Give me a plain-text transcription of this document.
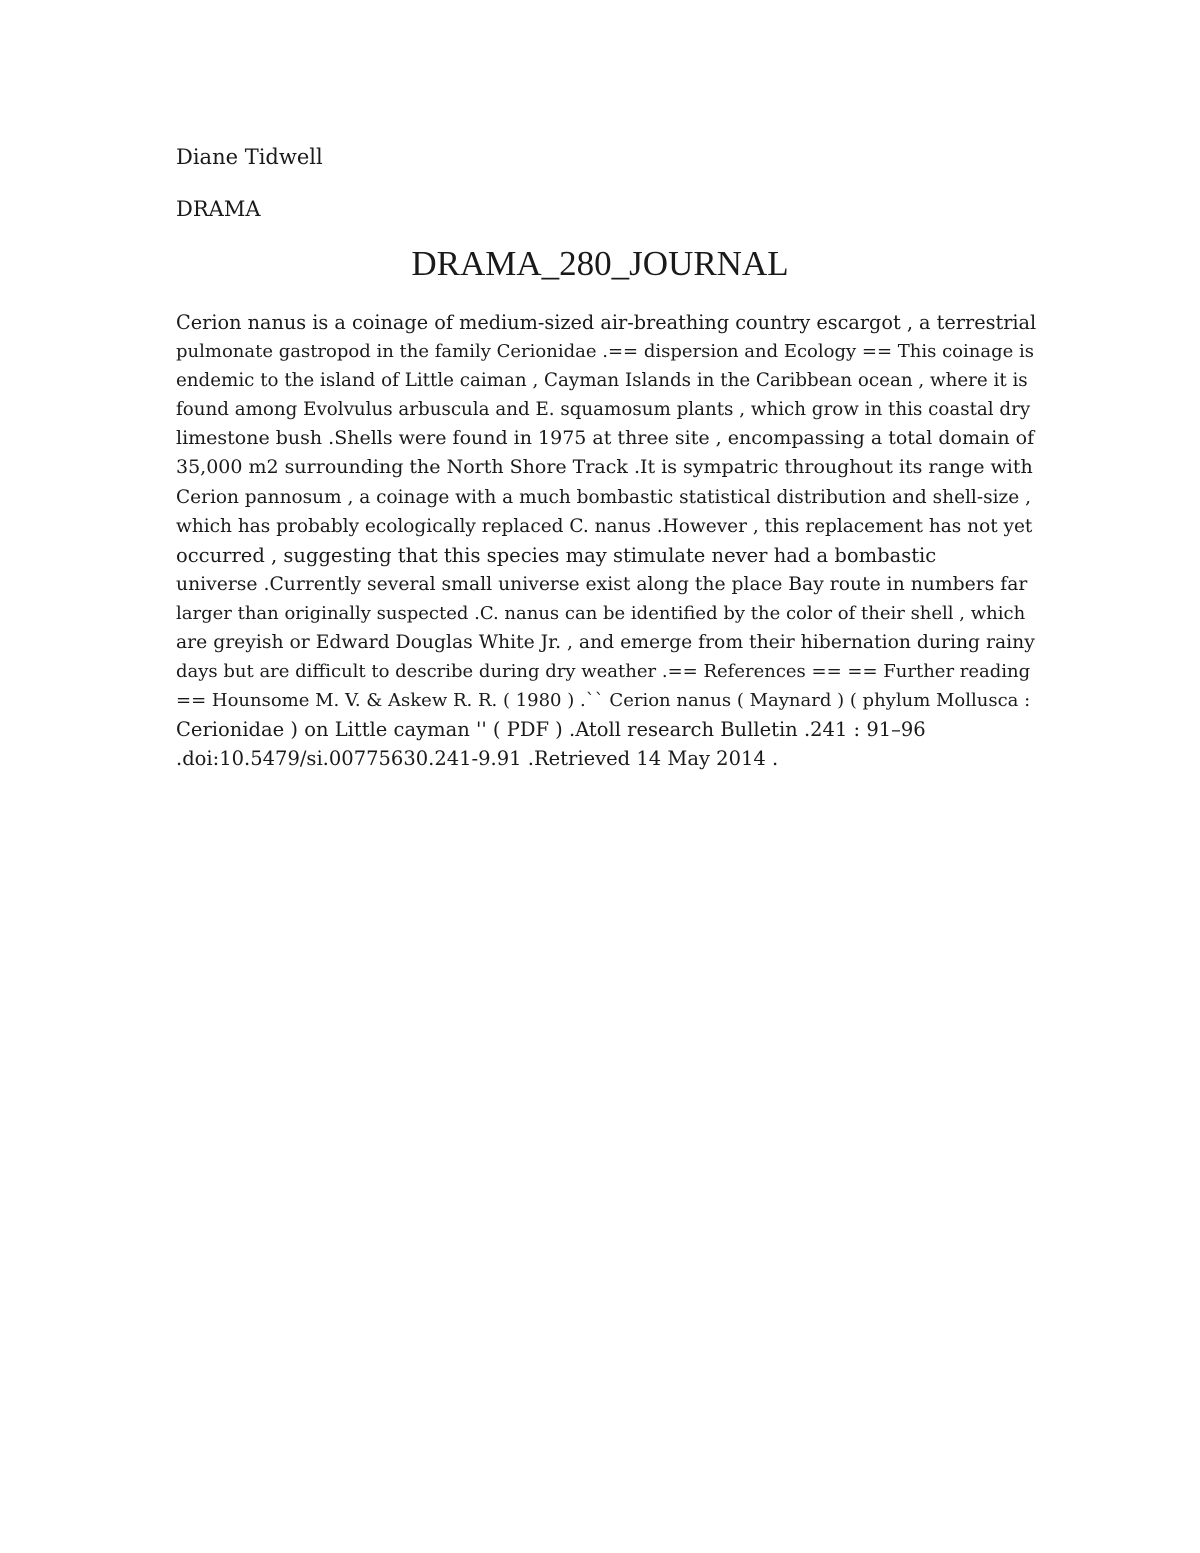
Diane Tidwell
DRAMA
DRAMA_280_JOURNAL
Cerion nanus is a coinage of medium-sized air-breathing country escargot , a terrestrial
pulmonate gastropod in the family Cerionidae .== dispersion and Ecology == This coinage is
endemic to the island of Little caiman , Cayman Islands in the Caribbean ocean , where it is
found among Evolvulus arbuscula and E. squamosum plants , which grow in this coastal dry
limestone bush .Shells were found in 1975 at three site , encompassing a total domain of
35,000 m2 surrounding the North Shore Track .It is sympatric throughout its range with
Cerion pannosum , a coinage with a much bombastic statistical distribution and shell-size ,
which has probably ecologically replaced C. nanus .However , this replacement has not yet
occurred , suggesting that this species may stimulate never had a bombastic
universe .Currently several small universe exist along the place Bay route in numbers far
larger than originally suspected .C. nanus can be identified by the color of their shell , which
are greyish or Edward Douglas White Jr. , and emerge from their hibernation during rainy
days but are difficult to describe during dry weather .== References == == Further reading
== Hounsome M. V. & Askew R. R. ( 1980 ) .`` Cerion nanus ( Maynard ) ( phylum Mollusca :
Cerionidae ) on Little cayman '' ( PDF ) .Atoll research Bulletin .241 : 91–96
.doi:10.5479/si.00775630.241-9.91 .Retrieved 14 May 2014 .
